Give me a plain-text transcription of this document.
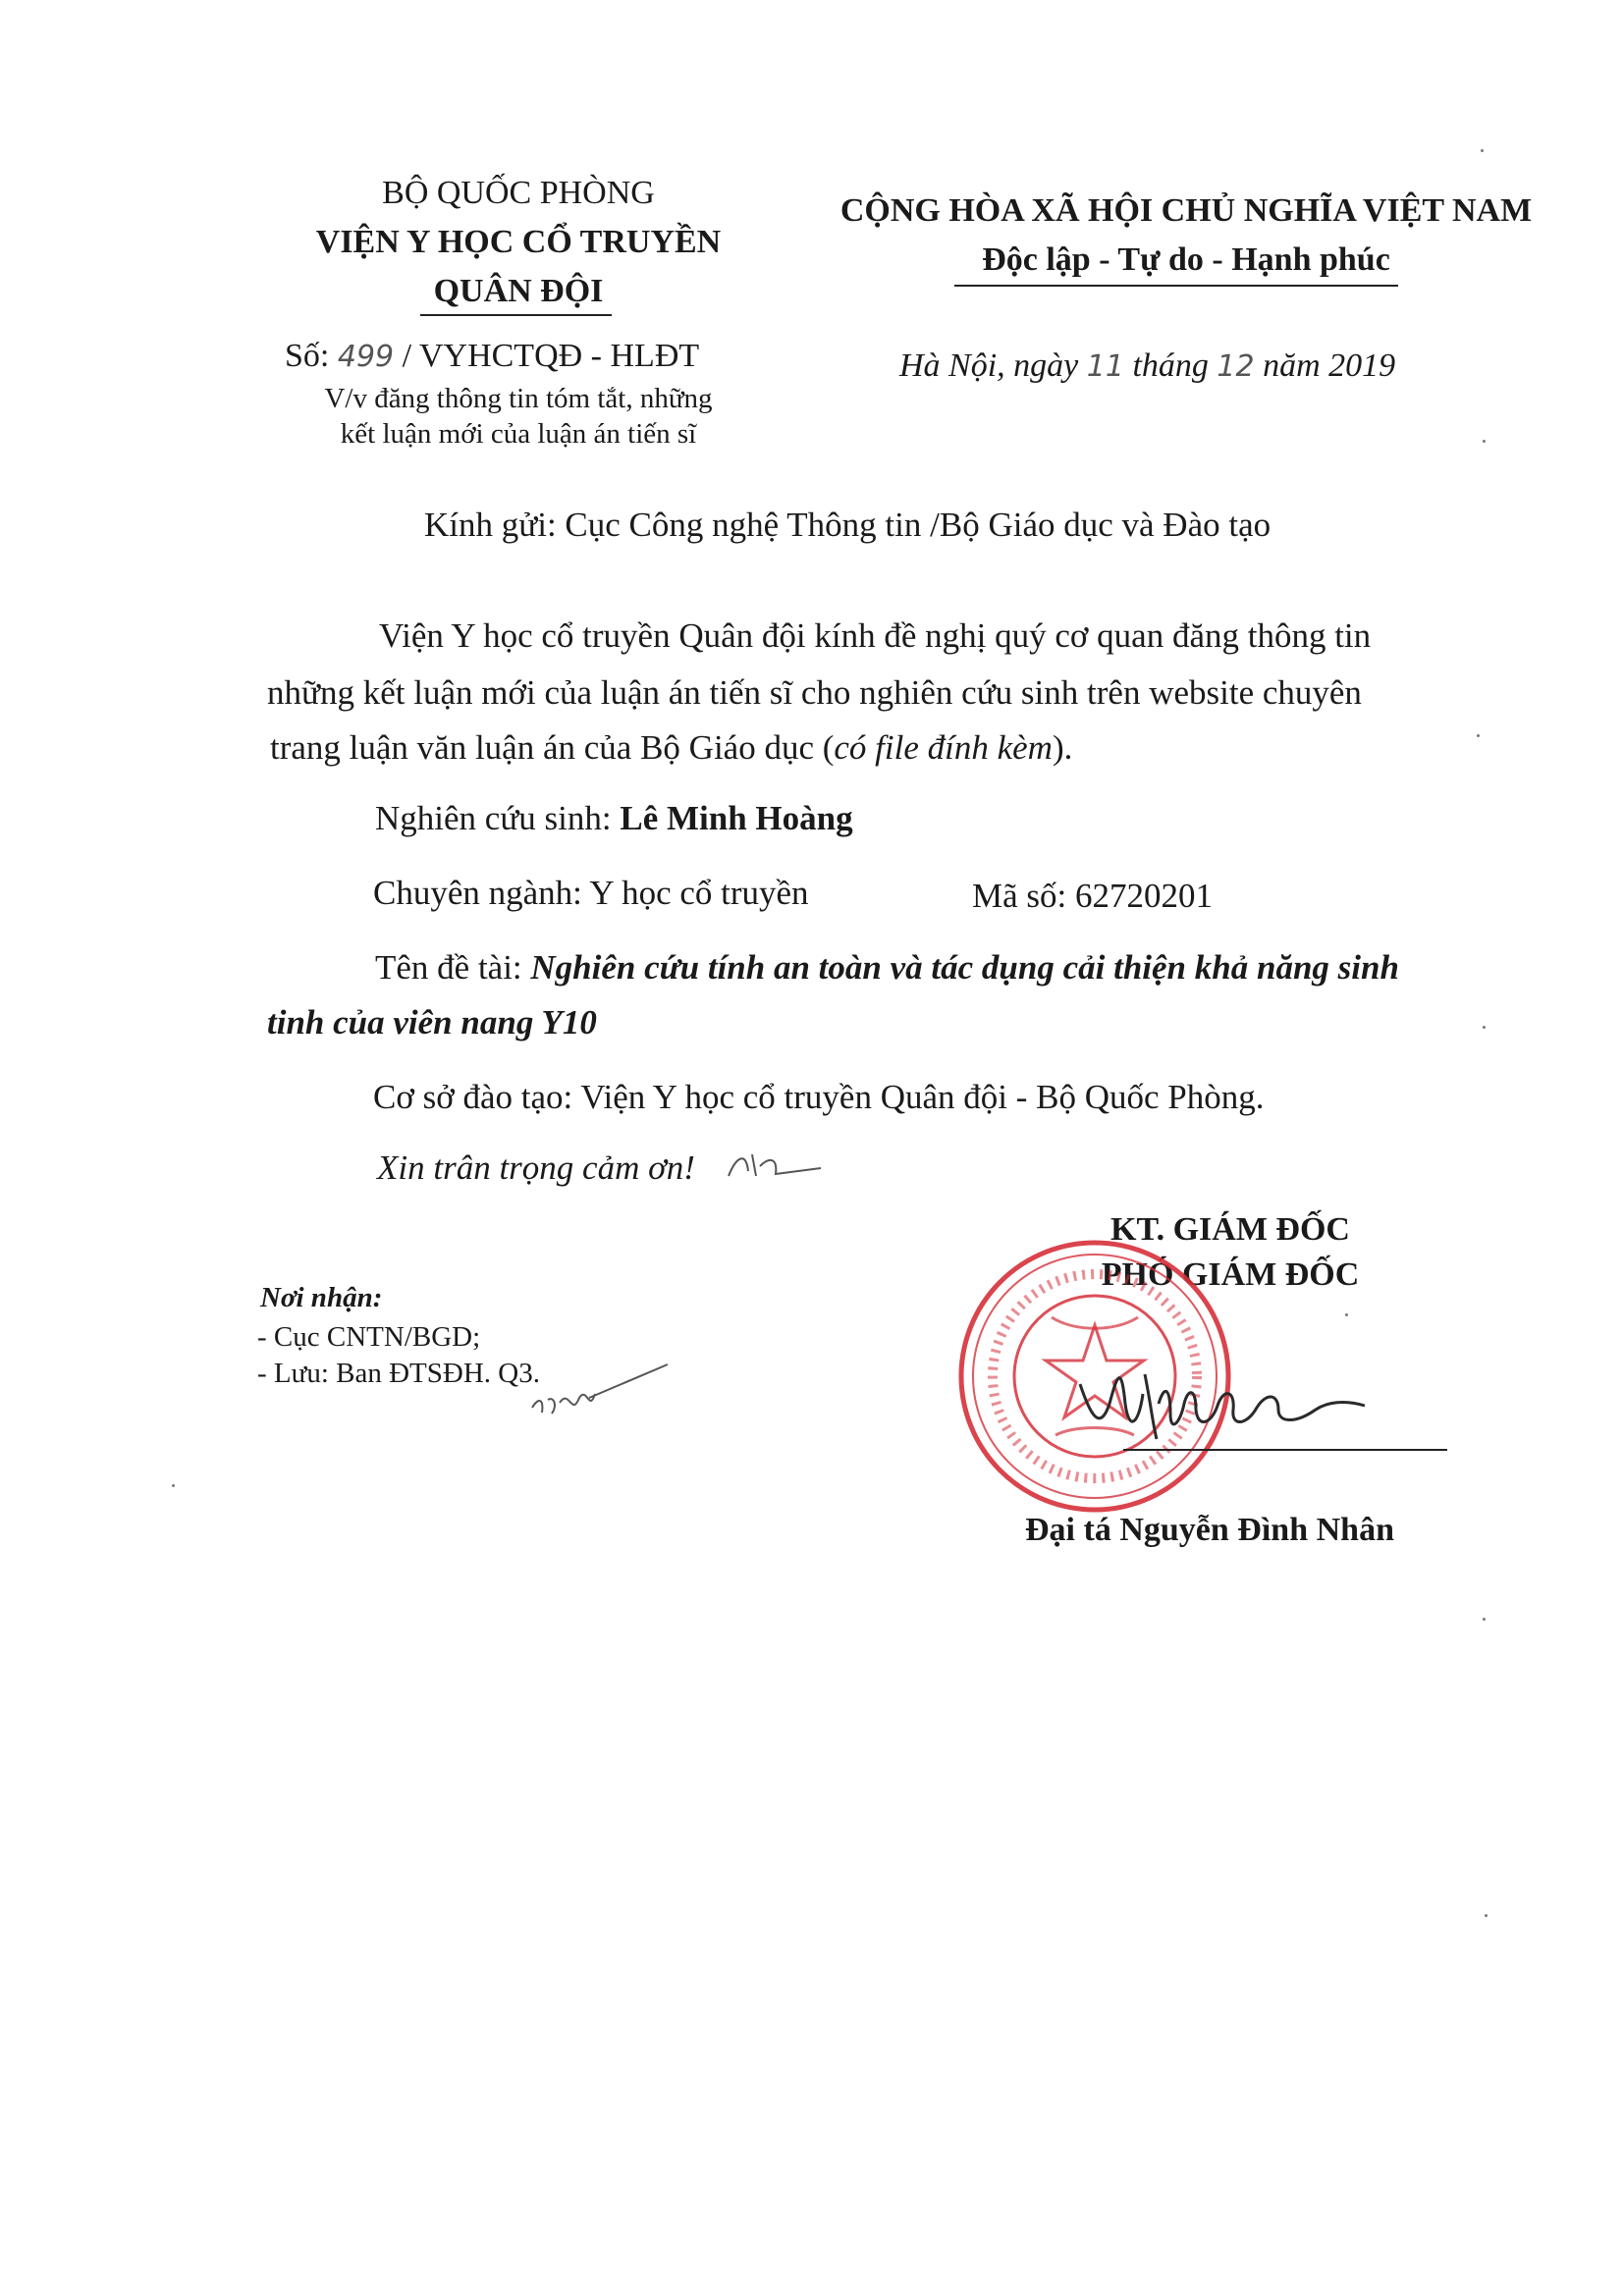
BỘ QUỐC PHÒNG
VIỆN Y HỌC CỔ TRUYỀN
QUÂN ĐỘI
Số: 499 / VYHCTQĐ - HLĐT
V/v đăng thông tin tóm tắt, những
kết luận mới của luận án tiến sĩ
CỘNG HÒA XÃ HỘI CHỦ NGHĨA VIỆT NAM
Độc lập - Tự do - Hạnh phúc
Hà Nội, ngày 11 tháng 12 năm 2019
Kính gửi: Cục Công nghệ Thông tin /Bộ Giáo dục và Đào tạo
Viện Y học cổ truyền Quân đội kính đề nghị quý cơ quan đăng thông tin
những kết luận mới của luận án tiến sĩ cho nghiên cứu sinh trên website chuyên
trang luận văn luận án của Bộ Giáo dục (có file đính kèm).
Nghiên cứu sinh: Lê Minh Hoàng
Chuyên ngành: Y học cổ truyền	Mã số: 62720201
Tên đề tài: Nghiên cứu tính an toàn và tác dụng cải thiện khả năng sinh
tinh của viên nang Y10
Cơ sở đào tạo: Viện Y học cổ truyền Quân đội - Bộ Quốc Phòng.
Xin trân trọng cảm ơn!
Nơi nhận:
- Cục CNTN/BGD;
- Lưu: Ban ĐTSĐH. Q3.
KT. GIÁM ĐỐC
PHÓ GIÁM ĐỐC
Đại tá Nguyễn Đình Nhân
